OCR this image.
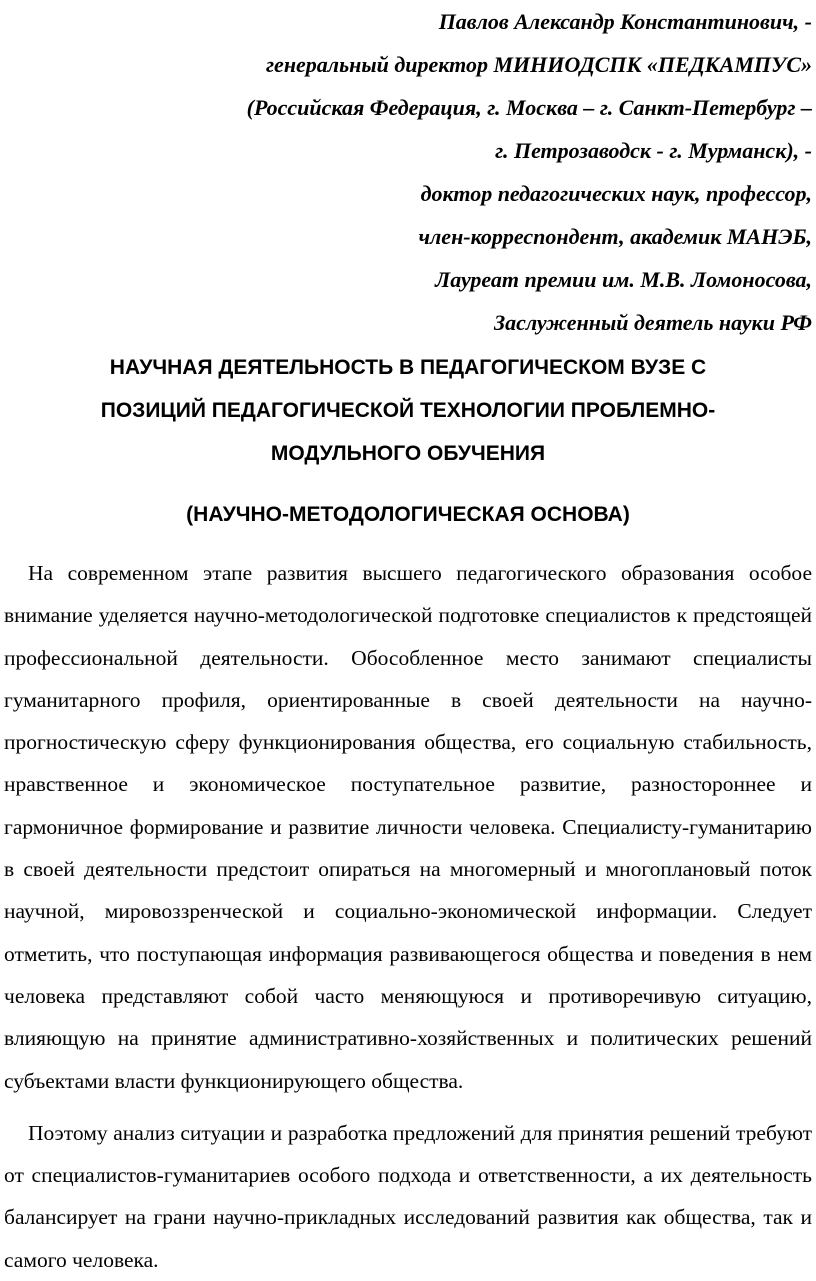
Павлов Александр Константинович, -
генеральный директор МИНИОДСПК «ПЕДКАМПУС»
(Российская Федерация, г. Москва – г. Санкт-Петербург –
г. Петрозаводск - г. Мурманск), -
доктор педагогических наук, профессор,
член-корреспондент, академик МАНЭБ,
Лауреат премии им. М.В. Ломоносова,
Заслуженный деятель науки РФ
НАУЧНАЯ ДЕЯТЕЛЬНОСТЬ В ПЕДАГОГИЧЕСКОМ ВУЗЕ С
ПОЗИЦИЙ ПЕДАГОГИЧЕСКОЙ ТЕХНОЛОГИИ ПРОБЛЕМНО-
МОДУЛЬНОГО ОБУЧЕНИЯ
(НАУЧНО-МЕТОДОЛОГИЧЕСКАЯ ОСНОВА)

На современном этапе развития высшего педагогического образования особое внимание уделяется научно-методологической подготовке специалистов к предстоящей профессиональной деятельности. Обособленное место занимают специалисты гуманитарного профиля, ориентированные в своей деятельности на научно-прогностическую сферу функционирования общества, его социальную стабильность, нравственное и экономическое поступательное развитие, разностороннее и гармоничное формирование и развитие личности человека. Специалисту-гуманитарию в своей деятельности предстоит опираться на многомерный и многоплановый поток научной, мировоззренческой и социально-экономической информации. Следует отметить, что поступающая информация развивающегося общества и поведения в нем человека представляют собой часто меняющуюся и противоречивую ситуацию, влияющую на принятие административно-хозяйственных и политических решений субъектами власти функционирующего общества.

Поэтому анализ ситуации и разработка предложений для принятия решений требуют от специалистов-гуманитариев особого подхода и ответственности, а их деятельность балансирует на грани научно-прикладных исследований развития как общества, так и самого человека.
